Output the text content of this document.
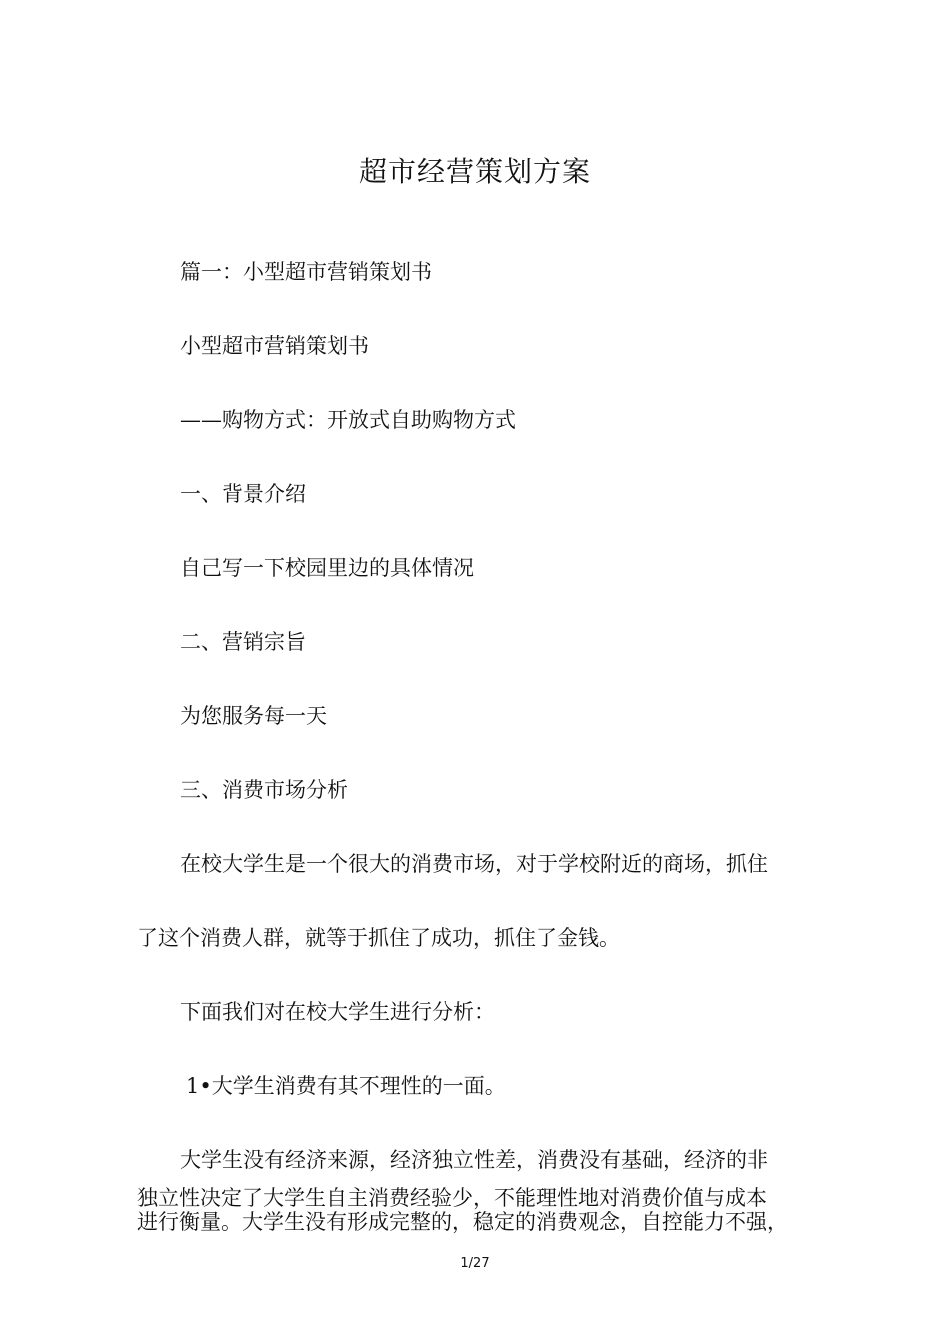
超市经营策划方案
篇一：小型超市营销策划书
小型超市营销策划书
——购物方式：开放式自助购物方式
一、背景介绍
自己写一下校园里边的具体情况
二、营销宗旨
为您服务每一天
三、消费市场分析
在校大学生是一个很大的消费市场，对于学校附近的商场，抓住
了这个消费人群，就等于抓住了成功，抓住了金钱。
下面我们对在校大学生进行分析：
1•大学生消费有其不理性的一面。
大学生没有经济来源，经济独立性差，消费没有基础，经济的非
独立性决定了大学生自主消费经验少，不能理性地对消费价值与成本
进行衡量。大学生没有形成完整的，稳定的消费观念，自控能力不强，
1/27
